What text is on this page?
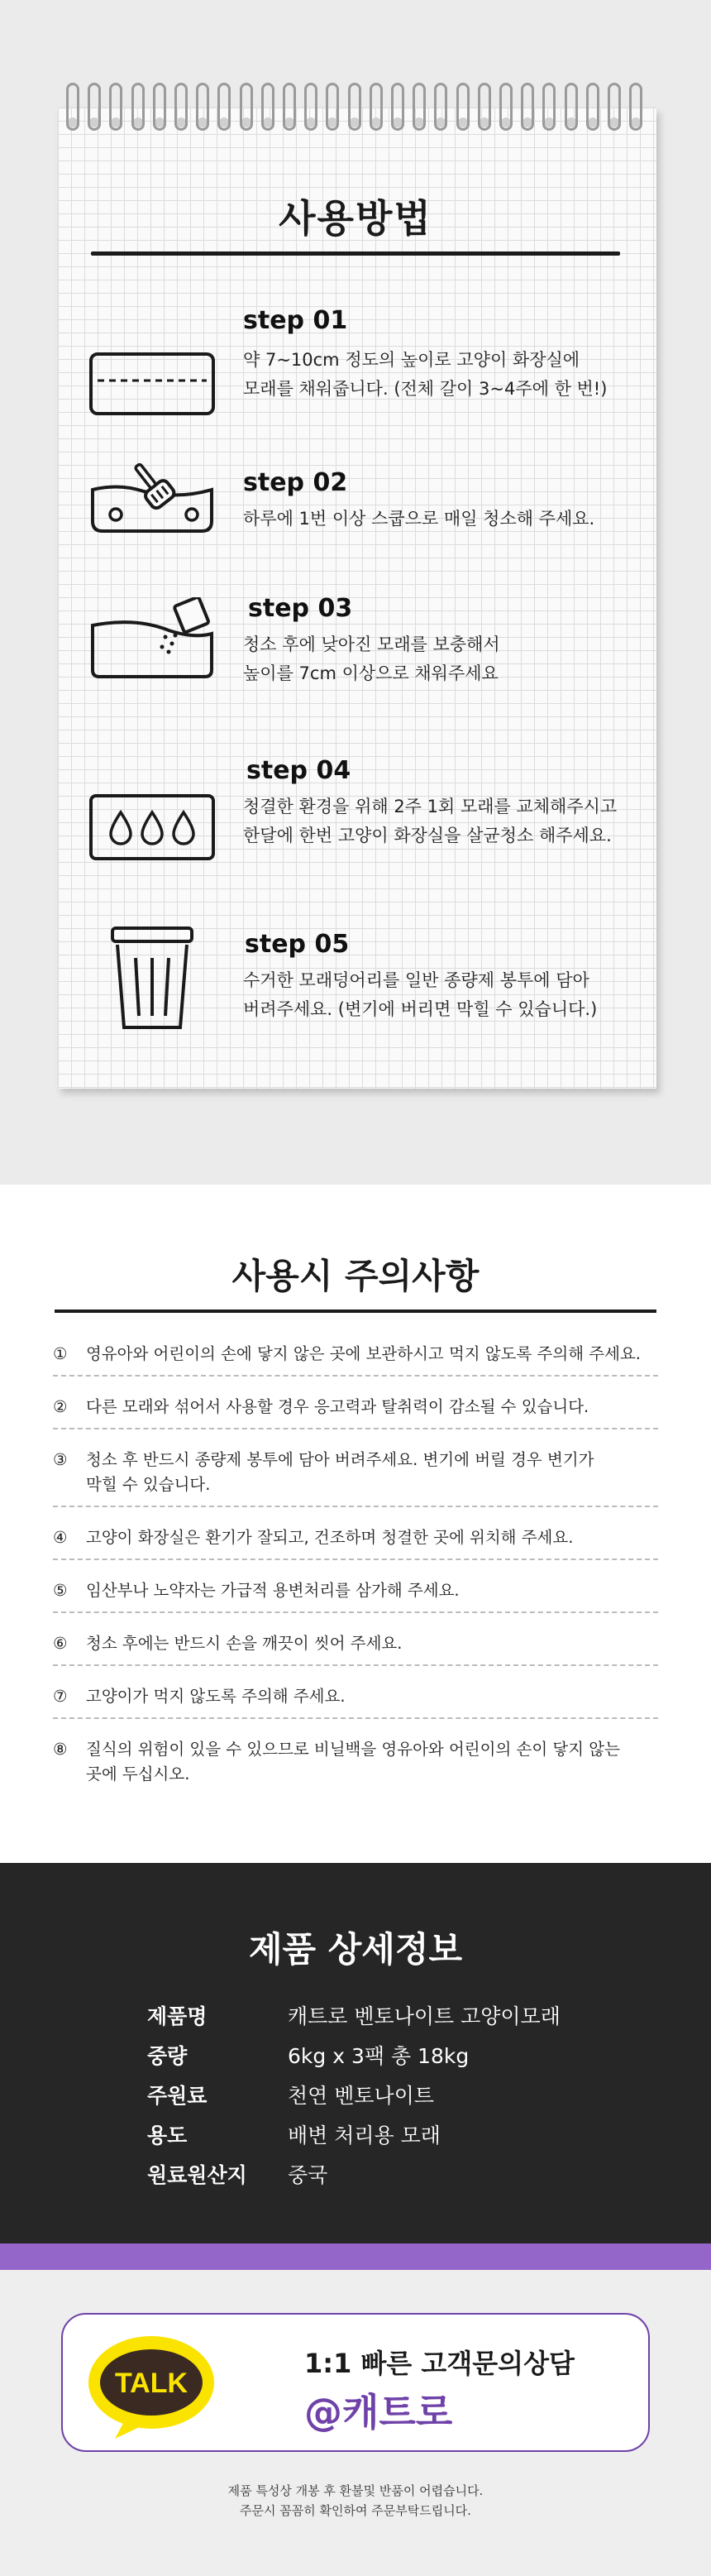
사용방법
step 01
약 7~10cm 정도의 높이로 고양이 화장실에
모래를 채워줍니다. (전체 갈이 3~4주에 한 번!)
step 02
하루에 1번 이상 스쿱으로 매일 청소해 주세요.
step 03
청소 후에 낮아진 모래를 보충해서
높이를 7cm 이상으로 채워주세요
step 04
청결한 환경을 위해 2주 1회 모래를 교체해주시고
한달에 한번 고양이 화장실을 살균청소 해주세요.
step 05
수거한 모래덩어리를 일반 종량제 봉투에 담아
버려주세요. (변기에 버리면 막힐 수 있습니다.)
사용시 주의사항
①	영유아와 어린이의 손에 닿지 않은 곳에 보관하시고 먹지 않도록 주의해 주세요.
②	다른 모래와 섞어서 사용할 경우 응고력과 탈취력이 감소될 수 있습니다.
③	청소 후 반드시 종량제 봉투에 담아 버려주세요. 변기에 버릴 경우 변기가
막힐 수 있습니다.
④	고양이 화장실은 환기가 잘되고, 건조하며 청결한 곳에 위치해 주세요.
⑤	임산부나 노약자는 가급적 용변처리를 삼가해 주세요.
⑥	청소 후에는 반드시 손을 깨끗이 씻어 주세요.
⑦	고양이가 먹지 않도록 주의해 주세요.
⑧	질식의 위험이 있을 수 있으므로 비닐백을 영유아와 어린이의 손이 닿지 않는
곳에 두십시오.
제품 상세정보
제품명	캐트로 벤토나이트 고양이모래
중량	6kg x 3팩 총 18kg
주원료	천연 벤토나이트
용도	배변 처리용 모래
원료원산지	중국
TALK
1:1 빠른 고객문의상담
@캐트로
제품 특성상 개봉 후 환불및 반품이 어렵습니다.
주문시 꼼꼼히 확인하여 주문부탁드립니다.
